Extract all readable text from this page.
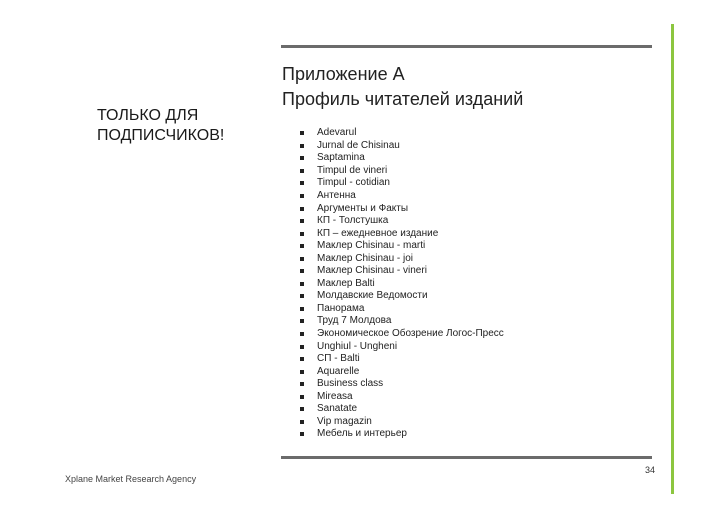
ТОЛЬКО ДЛЯ
ПОДПИСЧИКОВ!
Приложение А
Профиль читателей изданий
Adevarul
Jurnal de Chisinau
Saptamina
Timpul de vineri
Timpul - cotidian
Антенна
Аргументы и Факты
КП - Толстушка
КП – ежедневное издание
Маклер Chisinau - marti
Маклер Chisinau - joi
Маклер Chisinau - vineri
Маклер Balti
Молдавские Ведомости
Панорама
Труд 7 Молдова
Экономическое Обозрение Логос-Пресс
Unghiul - Ungheni
СП - Balti
Aquarelle
Business class
Mireasa
Sanatate
Vip magazin
Мебель и интерьер
34
Xplane Market Research Agency
